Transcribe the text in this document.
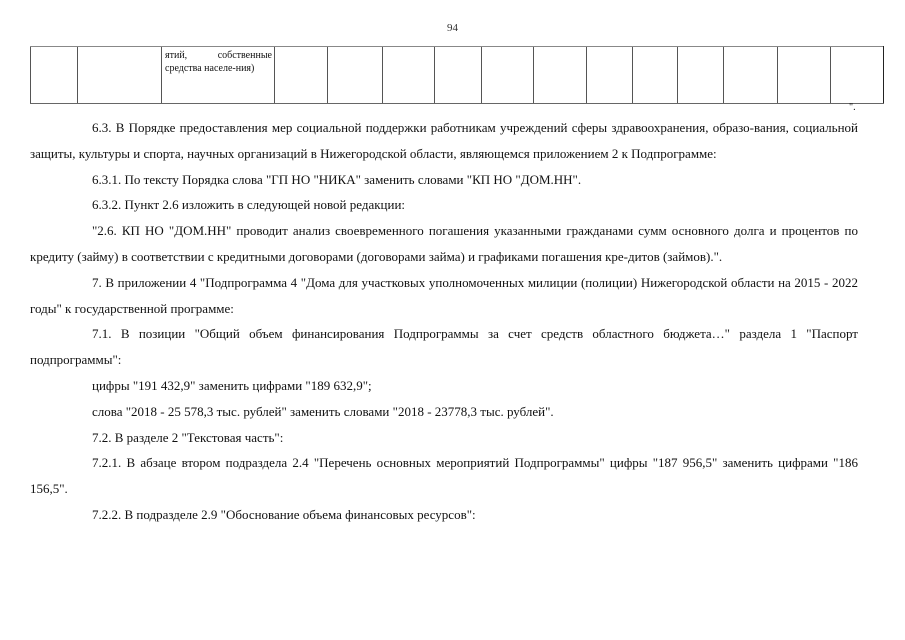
94
		ятий, собственные средства населе-ния)												
".

6.3. В Порядке предоставления мер социальной поддержки работникам учреждений сферы здравоохранения, образо-вания, социальной защиты, культуры и спорта, научных организаций в Нижегородской области, являющемся приложением 2 к Подпрограмме:

6.3.1. По тексту Порядка слова "ГП НО "НИКА" заменить словами "КП НО "ДОМ.НН".

6.3.2. Пункт 2.6 изложить в следующей новой редакции:

"2.6. КП НО "ДОМ.НН" проводит анализ своевременного погашения указанными гражданами сумм основного долга и процентов по кредиту (займу) в соответствии с кредитными договорами (договорами займа) и графиками погашения кре-дитов (займов).".

7. В приложении 4 "Подпрограмма 4 "Дома для участковых уполномоченных милиции (полиции) Нижегородской области на 2015 - 2022 годы" к государственной программе:

7.1. В позиции "Общий объем финансирования Подпрограммы за счет средств областного бюджета…" раздела 1 "Паспорт подпрограммы":

цифры "191 432,9" заменить цифрами "189 632,9";

слова "2018 - 25 578,3 тыс. рублей" заменить словами "2018 - 23778,3 тыс. рублей".

7.2. В разделе 2 "Текстовая часть":

7.2.1. В абзаце втором подраздела 2.4 "Перечень основных мероприятий Подпрограммы" цифры "187 956,5" заменить цифрами "186 156,5".

7.2.2. В подразделе 2.9 "Обоснование объема финансовых ресурсов":
